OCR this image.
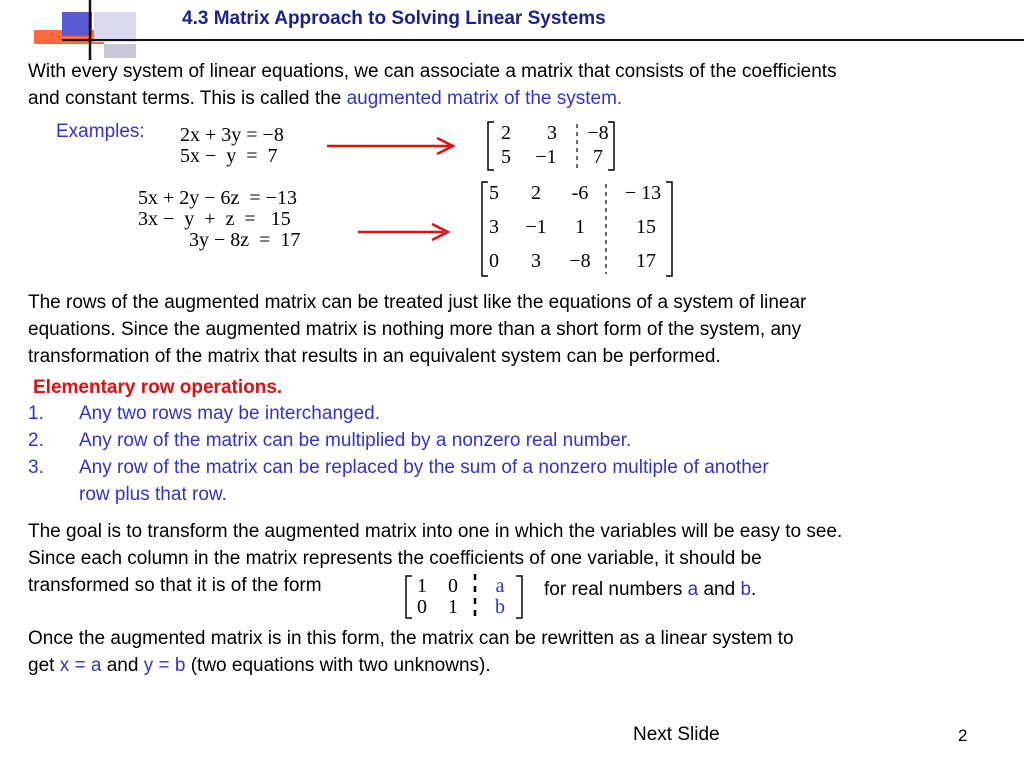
4.3 Matrix Approach to Solving Linear Systems
With every system of linear equations, we can associate a matrix that consists of the coefficients
and constant terms. This is called the augmented matrix of the system.
Examples: 2x + 3y = −8
5x −  y  =  7
2	3	−8
5	−1	7
5x + 2y − 6z  = −13
3x −  y  +  z  =   15
3y − 8z  =  17
5	2	-6	− 13
3	−1	1	15
0	3	−8	17
The rows of the augmented matrix can be treated just like the equations of a system of linear
equations. Since the augmented matrix is nothing more than a short form of the system, any
transformation of the matrix that results in an equivalent system can be performed.
Elementary row operations.
1. Any two rows may be interchanged.
2. Any row of the matrix can be multiplied by a nonzero real number.
3. Any row of the matrix can be replaced by the sum of a nonzero multiple of another
row plus that row.
The goal is to transform the augmented matrix into one in which the variables will be easy to see.
Since each column in the matrix represents the coefficients of one variable, it should be
transformed so that it is of the form	1	0	a
0	1	b
for real numbers a and b.
Once the augmented matrix is in this form, the matrix can be rewritten as a linear system to
get x = a and y = b (two equations with two unknowns).
Next Slide	2
